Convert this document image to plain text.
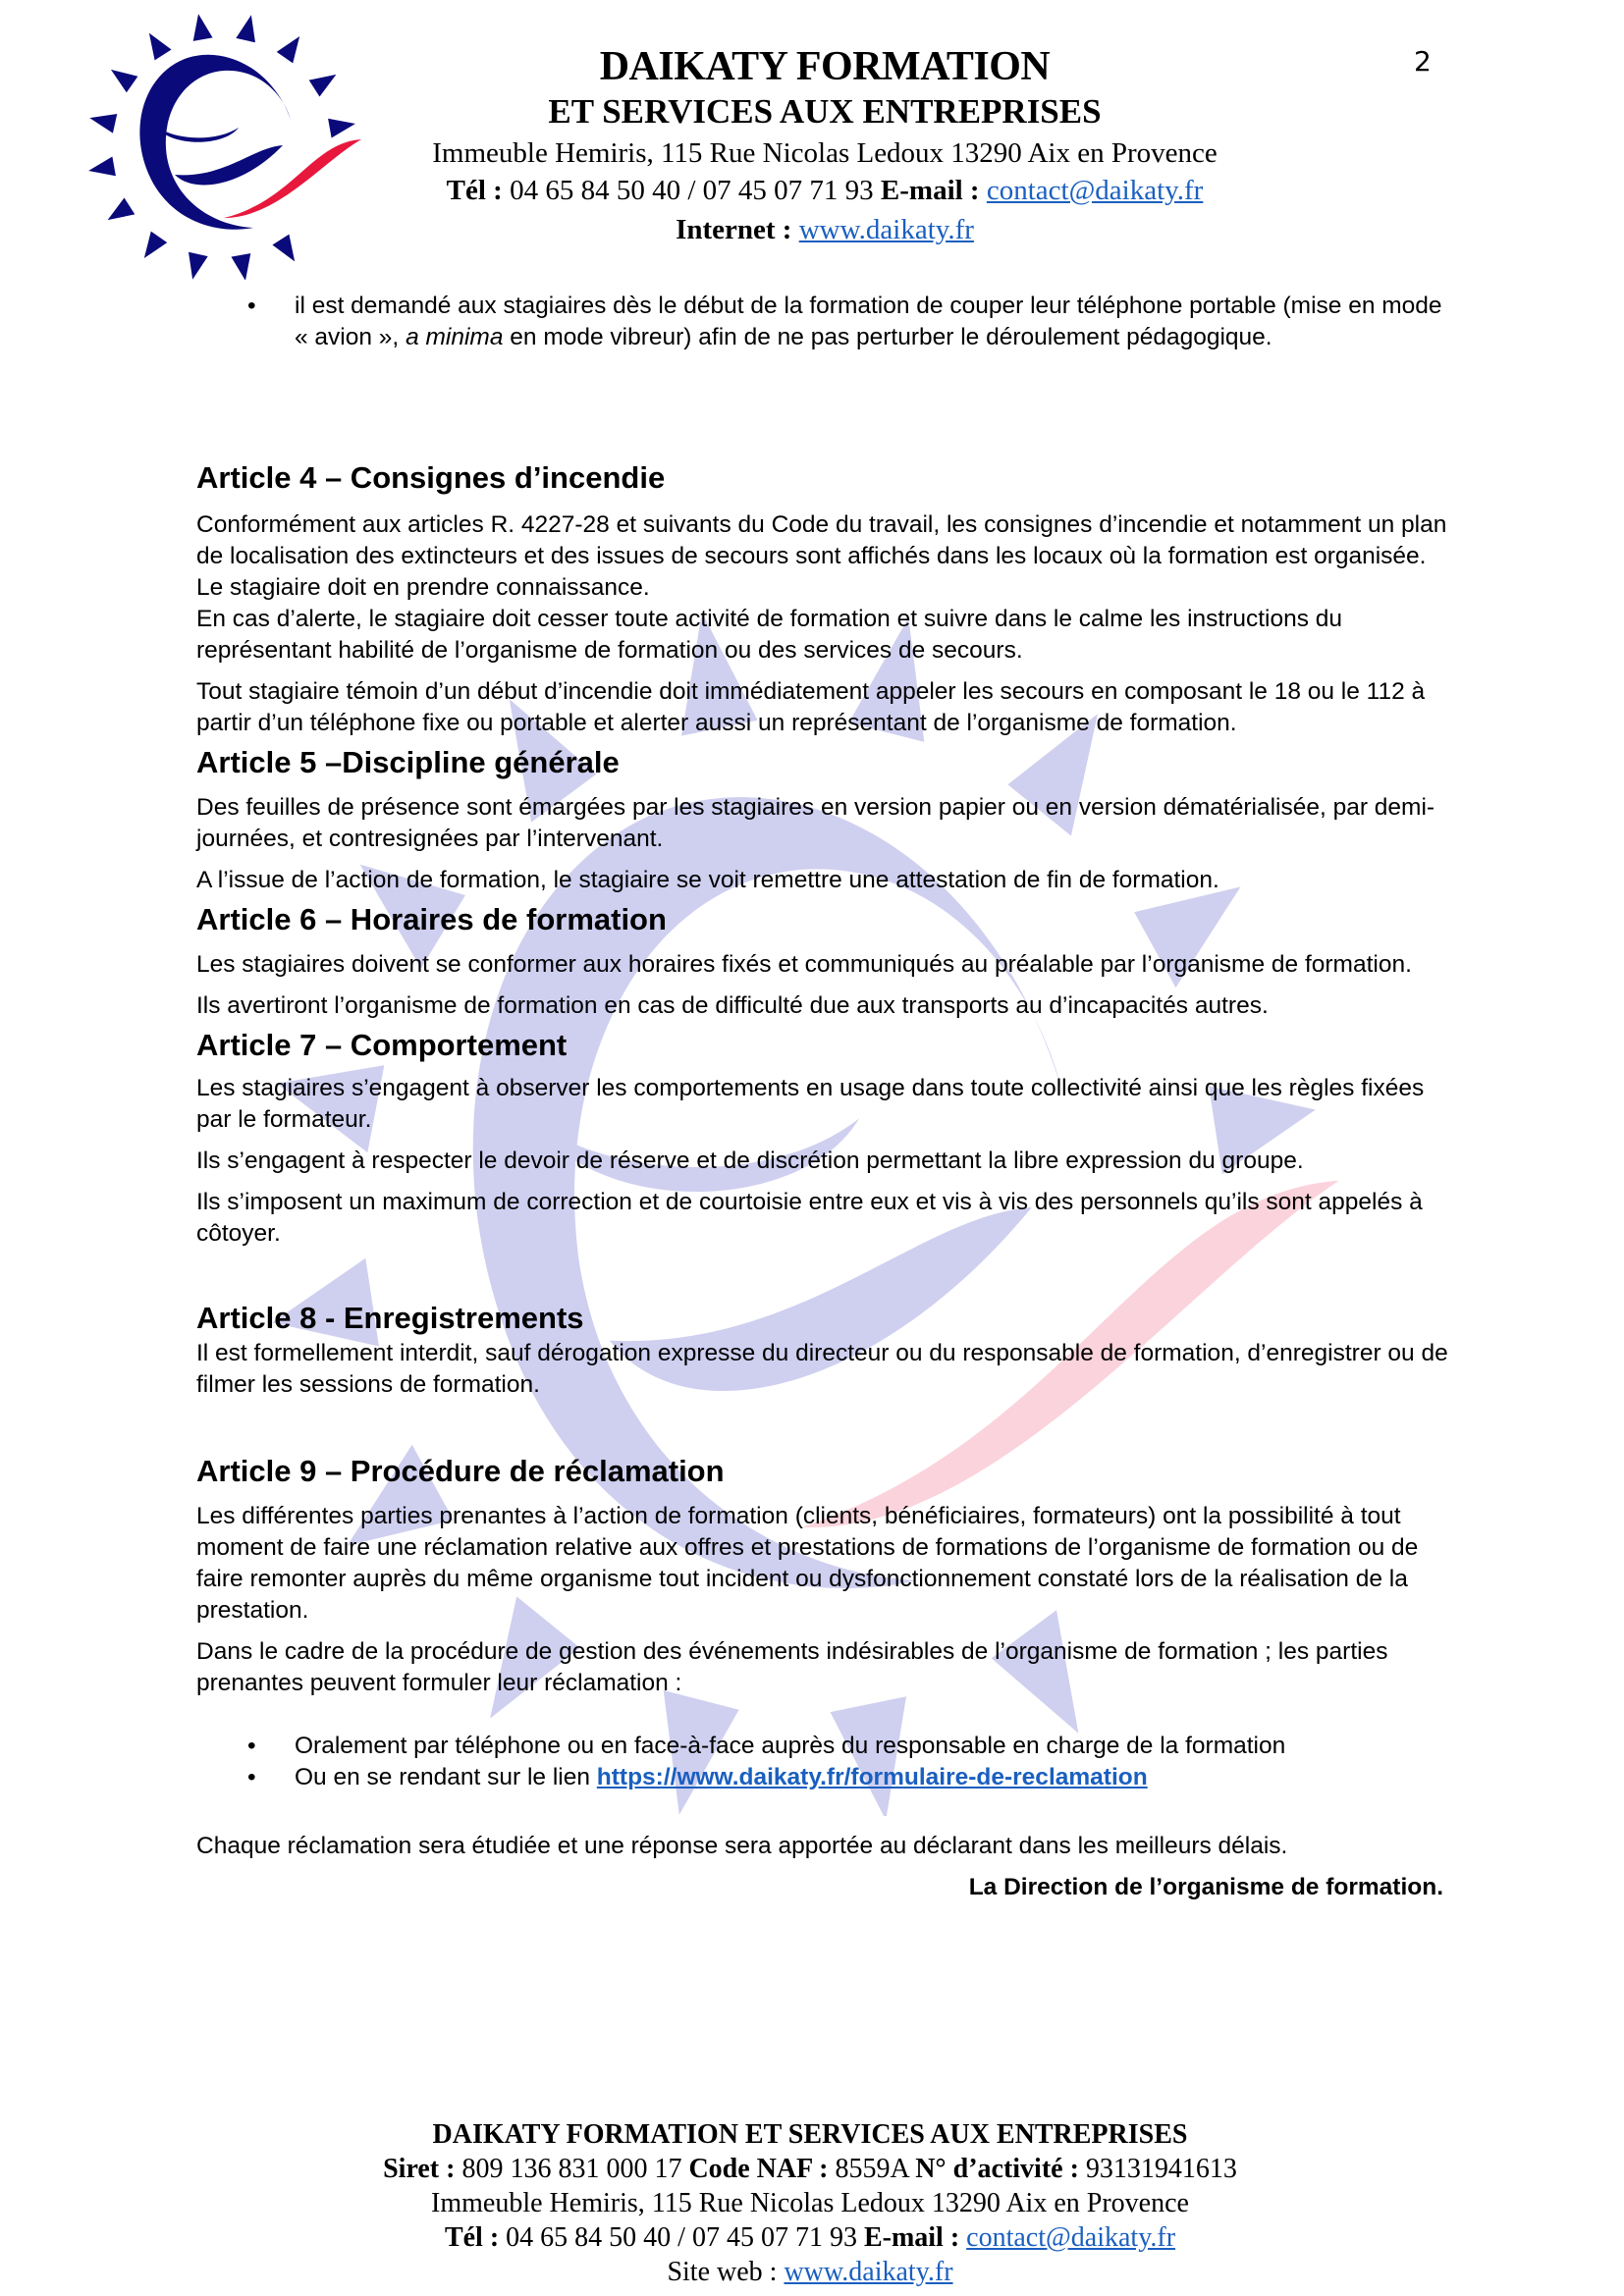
DAIKATY FORMATION
ET SERVICES AUX ENTREPRISES
Immeuble Hemiris, 115 Rue Nicolas Ledoux 13290 Aix en Provence
Tél : 04 65 84 50 40 / 07 45 07 71 93 E-mail : contact@daikaty.fr
Internet : www.daikaty.fr
2
• il est demandé aux stagiaires dès le début de la formation de couper leur téléphone portable (mise en mode « avion », a minima en mode vibreur) afin de ne pas perturber le déroulement pédagogique.
Article 4 – Consignes d’incendie

Conformément aux articles R. 4227-28 et suivants du Code du travail, les consignes d’incendie et notamment un plan de localisation des extincteurs et des issues de secours sont affichés dans les locaux où la formation est organisée. Le stagiaire doit en prendre connaissance.

En cas d’alerte, le stagiaire doit cesser toute activité de formation et suivre dans le calme les instructions du représentant habilité de l’organisme de formation ou des services de secours.

Tout stagiaire témoin d’un début d’incendie doit immédiatement appeler les secours en composant le 18 ou le 112 à partir d’un téléphone fixe ou portable et alerter aussi un représentant de l’organisme de formation.

Article 5 –Discipline générale

Des feuilles de présence sont émargées par les stagiaires en version papier ou en version dématérialisée, par demi-journées, et contresignées par l’intervenant.

A l’issue de l’action de formation, le stagiaire se voit remettre une attestation de fin de formation.

Article 6 – Horaires de formation

Les stagiaires doivent se conformer aux horaires fixés et communiqués au préalable par l’organisme de formation.

Ils avertiront l’organisme de formation en cas de difficulté due aux transports au d’incapacités autres.

Article 7 – Comportement

Les stagiaires s’engagent à observer les comportements en usage dans toute collectivité ainsi que les règles fixées par le formateur.

Ils s’engagent à respecter le devoir de réserve et de discrétion permettant la libre expression du groupe.

Ils s’imposent un maximum de correction et de courtoisie entre eux et vis à vis des personnels qu’ils sont appelés à côtoyer.

Article 8 - Enregistrements

Il est formellement interdit, sauf dérogation expresse du directeur ou du responsable de formation, d’enregistrer ou de filmer les sessions de formation.

Article 9 – Procédure de réclamation

Les différentes parties prenantes à l’action de formation (clients, bénéficiaires, formateurs) ont la possibilité à tout moment de faire une réclamation relative aux offres et prestations de formations de l’organisme de formation ou de faire remonter auprès du même organisme tout incident ou dysfonctionnement constaté lors de la réalisation de la prestation.

Dans le cadre de la procédure de gestion des événements indésirables de l’organisme de formation ; les parties prenantes peuvent formuler leur réclamation :

• Oralement par téléphone ou en face-à-face auprès du responsable en charge de la formation
• Ou en se rendant sur le lien https://www.daikaty.fr/formulaire-de-reclamation

Chaque réclamation sera étudiée et une réponse sera apportée au déclarant dans les meilleurs délais.

La Direction de l’organisme de formation.

DAIKATY FORMATION ET SERVICES AUX ENTREPRISES
Siret : 809 136 831 000 17 Code NAF : 8559A N° d’activité : 93131941613
Immeuble Hemiris, 115 Rue Nicolas Ledoux 13290 Aix en Provence
Tél : 04 65 84 50 40 / 07 45 07 71 93 E-mail : contact@daikaty.fr
Site web : www.daikaty.fr
